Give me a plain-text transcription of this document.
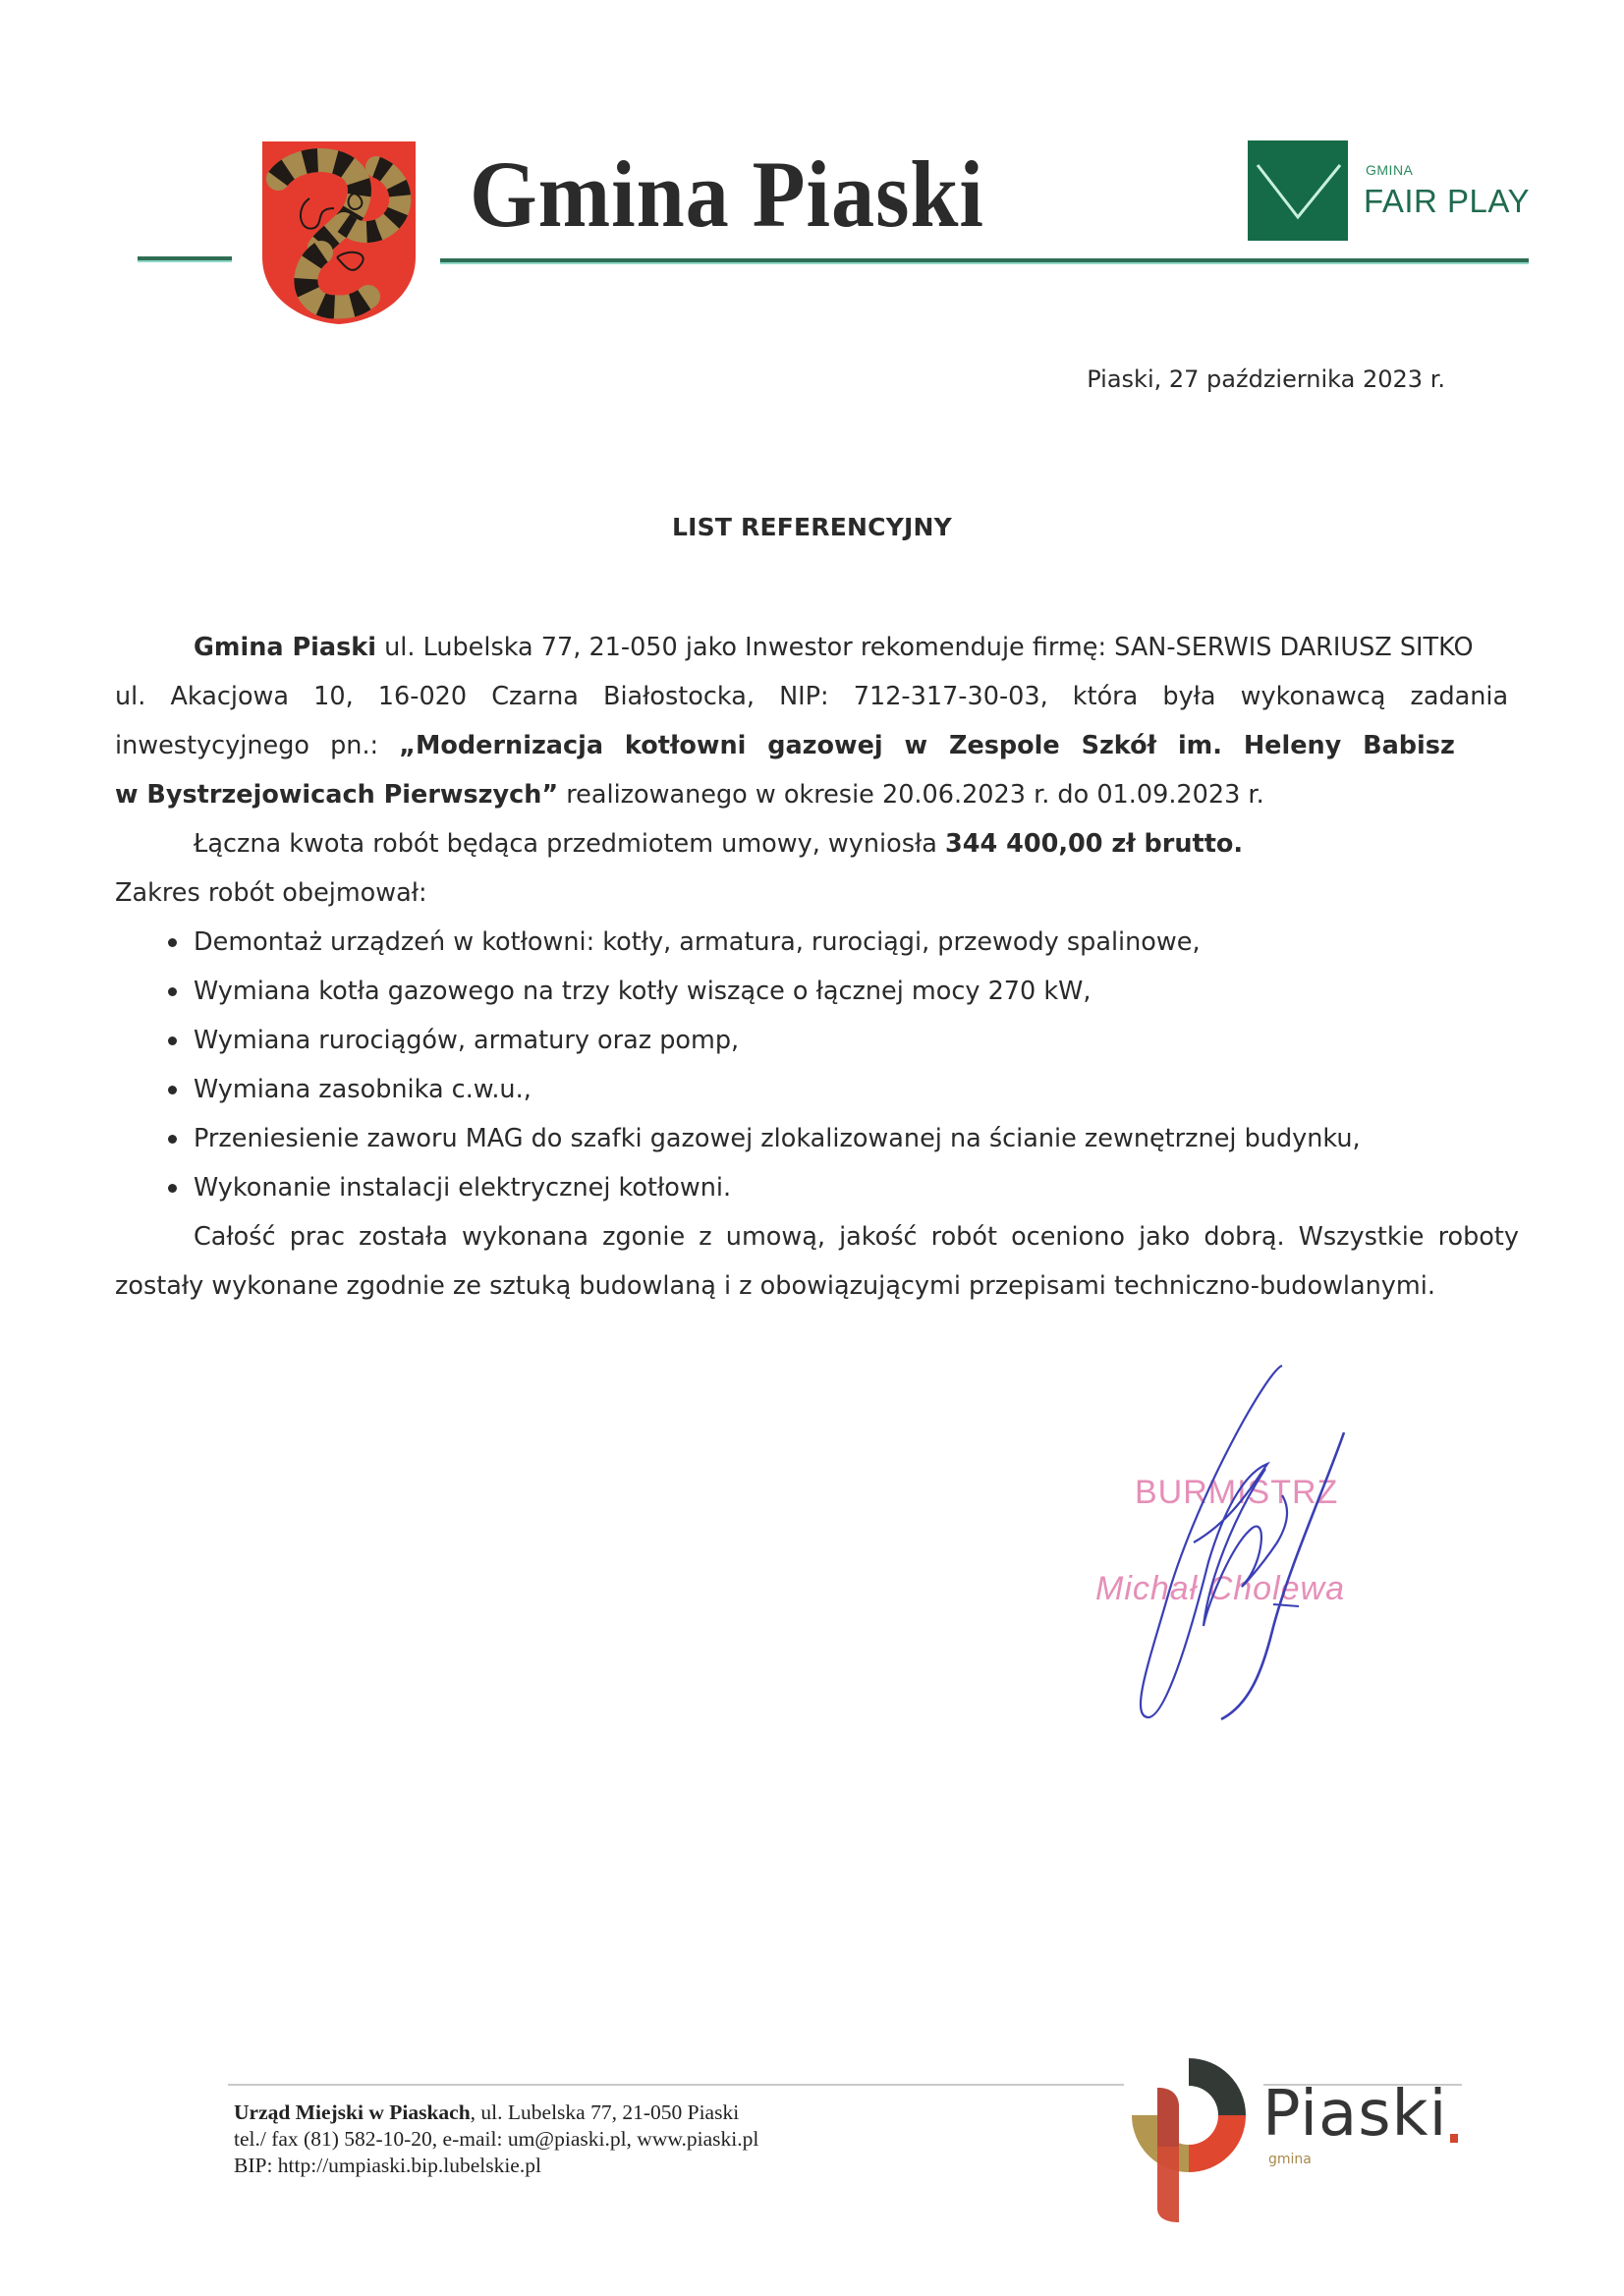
Gmina Piaski	GMINA
FAIR PLAY
Piaski, 27 października 2023 r.
LIST REFERENCYJNY
Gmina Piaski ul. Lubelska 77, 21-050 jako Inwestor rekomenduje firmę: SAN-SERWIS DARIUSZ SITKO
ul. Akacjowa 10, 16-020 Czarna Białostocka, NIP: 712-317-30-03, która była wykonawcą zadania
inwestycyjnego pn.: „Modernizacja kotłowni gazowej w Zespole Szkół im. Heleny Babisz
w Bystrzejowicach Pierwszych” realizowanego w okresie 20.06.2023 r. do 01.09.2023 r.
Łączna kwota robót będąca przedmiotem umowy, wyniosła 344 400,00 zł brutto.
Zakres robót obejmował:
Demontaż urządzeń w kotłowni: kotły, armatura, rurociągi, przewody spalinowe,
Wymiana kotła gazowego na trzy kotły wiszące o łącznej mocy 270 kW,
Wymiana rurociągów, armatury oraz pomp,
Wymiana zasobnika c.w.u.,
Przeniesienie zaworu MAG do szafki gazowej zlokalizowanej na ścianie zewnętrznej budynku,
Wykonanie instalacji elektrycznej kotłowni.
Całość prac została wykonana zgonie z umową, jakość robót oceniono jako dobrą. Wszystkie roboty
zostały wykonane zgodnie ze sztuką budowlaną i z obowiązującymi przepisami techniczno-budowlanymi.
BURMISTRZ
Michał Cholewa
Urząd Miejski w Piaskach, ul. Lubelska 77, 21-050 Piaski
tel./ fax (81) 582-10-20, e-mail: um@piaski.pl, www.piaski.pl
BIP: http://umpiaski.bip.lubelskie.pl
Piaski
gmina
